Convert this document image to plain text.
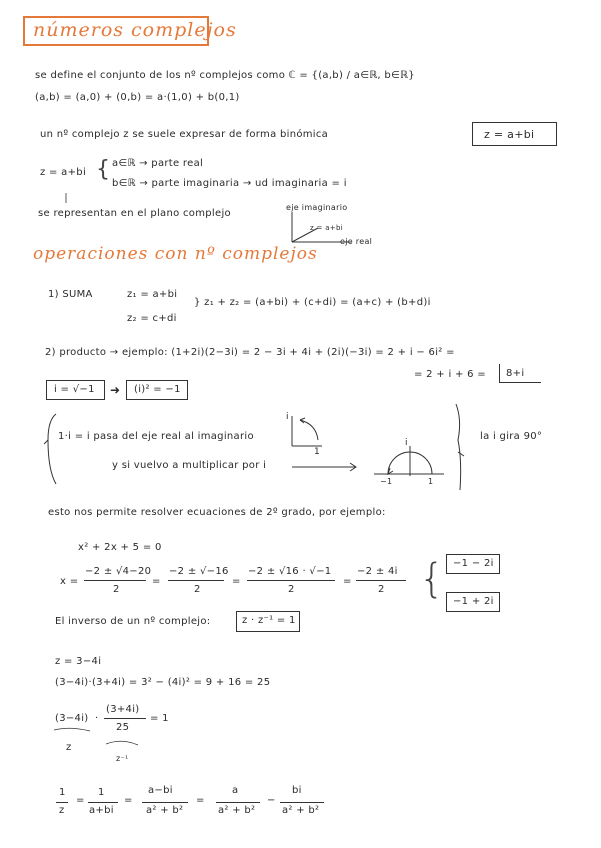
números complejos
se define el conjunto de los nº complejos como ℂ = {(a,b) / a∈ℝ, b∈ℝ}
(a,b) = (a,0) + (0,b) = a·(1,0) + b(0,1)
un nº complejo z se suele expresar de forma binómica	z = a+bi
z = a+bi { a∈ℝ → parte real
b∈ℝ → parte imaginaria → ud imaginaria = i
se representan en el plano complejo
eje imaginario
z = a+bi
eje real
operaciones con nº complejos
1) SUMA	z₁ = a+bi
z₂ = c+di
} z₁ + z₂ = (a+bi) + (c+di) = (a+c) + (b+d)i
2) producto → ejemplo: (1+2i)(2−3i) = 2 − 3i + 4i + (2i)(−3i) = 2 + i − 6i² =
= 2 + i + 6 = 8+i
i = √−1 ➜ (i)² = −1
1·i = i pasa del eje real al imaginario
y si vuelvo a multiplicar por i
la i gira 90°
i
1
−1	1
i
esto nos permite resolver ecuaciones de 2º grado, por ejemplo:
x² + 2x + 5 = 0
x =
−2 ± √4−20
2
=
−2 ± √−16
2
=
−2 ± √16 · √−1
2
=
−2 ± 4i
2 { −1 − 2i
−1 + 2i
El inverso de un nº complejo:	z · z⁻¹ = 1
z = 3−4i
(3−4i)·(3+4i) = 3² − (4i)² = 9 + 16 = 25
(3−4i) ·
(3+4i)
25
= 1
z
z⁻¹
1
z
=
1
a+bi
=
a−bi
a² + b²
=
a
a² + b²
−
bi
a² + b²
